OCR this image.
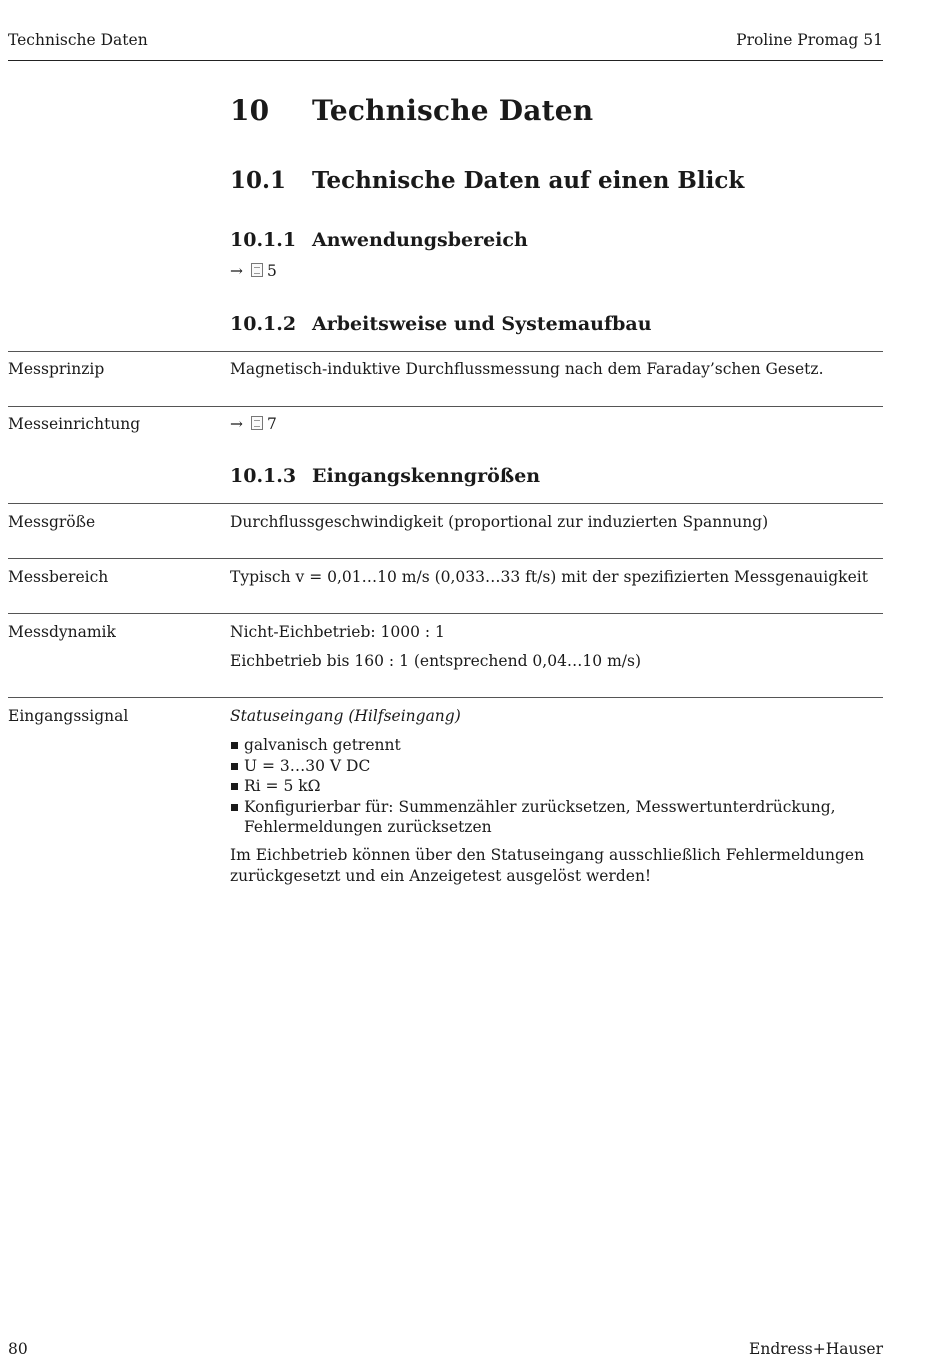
Technische Daten	Proline Promag 51
10 Technische Daten
10.1 Technische Daten auf einen Blick
10.1.1 Anwendungsbereich
→ 5
10.1.2 Arbeitsweise und Systemaufbau
Messprinzip	Magnetisch-induktive Durchflussmessung nach dem Faraday’schen Gesetz.
Messeinrichtung	→ 7
10.1.3 Eingangskenngrößen
Messgröße	Durchflussgeschwindigkeit (proportional zur induzierten Spannung)
Messbereich	Typisch v = 0,01…10 m/s (0,033…33 ft/s) mit der spezifizierten Messgenauigkeit
Messdynamik	Nicht-Eichbetrieb: 1000 : 1
Eichbetrieb bis 160 : 1 (entsprechend 0,04…10 m/s)
Eingangssignal	Statuseingang (Hilfseingang)
galvanisch getrennt
U = 3…30 V DC
Ri = 5 kΩ
Konfigurierbar für: Summenzähler zurücksetzen, Messwertunterdrückung, Fehlermeldungen zurücksetzen
Im Eichbetrieb können über den Statuseingang ausschließlich Fehlermeldungen zurückgesetzt und ein Anzeigetest ausgelöst werden!
80	Endress+Hauser
